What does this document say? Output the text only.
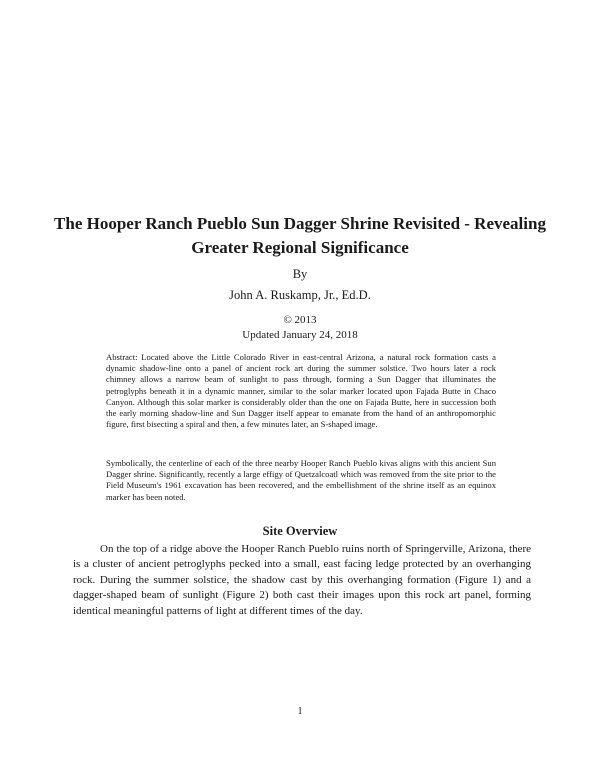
The Hooper Ranch Pueblo Sun Dagger Shrine Revisited - Revealing Greater Regional Significance

By

John A. Ruskamp, Jr., Ed.D.

© 2013

Updated January 24, 2018

Abstract: Located above the Little Colorado River in east-central Arizona, a natural rock formation casts a dynamic shadow-line onto a panel of ancient rock art during the summer solstice. Two hours later a rock chimney allows a narrow beam of sunlight to pass through, forming a Sun Dagger that illuminates the petroglyphs beneath it in a dynamic manner, similar to the solar marker located upon Fajada Butte in Chaco Canyon. Although this solar marker is considerably older than the one on Fajada Butte, here in succession both the early morning shadow-line and Sun Dagger itself appear to emanate from the hand of an anthropomorphic figure, first bisecting a spiral and then, a few minutes later, an S-shaped image.

Symbolically, the centerline of each of the three nearby Hooper Ranch Pueblo kivas aligns with this ancient Sun Dagger shrine. Significantly, recently a large effigy of Quetzalcoatl which was removed from the site prior to the Field Museum's 1961 excavation has been recovered, and the embellishment of the shrine itself as an equinox marker has been noted.

Site Overview

On the top of a ridge above the Hooper Ranch Pueblo ruins north of Springerville, Arizona, there is a cluster of ancient petroglyphs pecked into a small, east facing ledge protected by an overhanging rock. During the summer solstice, the shadow cast by this overhanging formation (Figure 1) and a dagger-shaped beam of sunlight (Figure 2) both cast their images upon this rock art panel, forming identical meaningful patterns of light at different times of the day.

1
